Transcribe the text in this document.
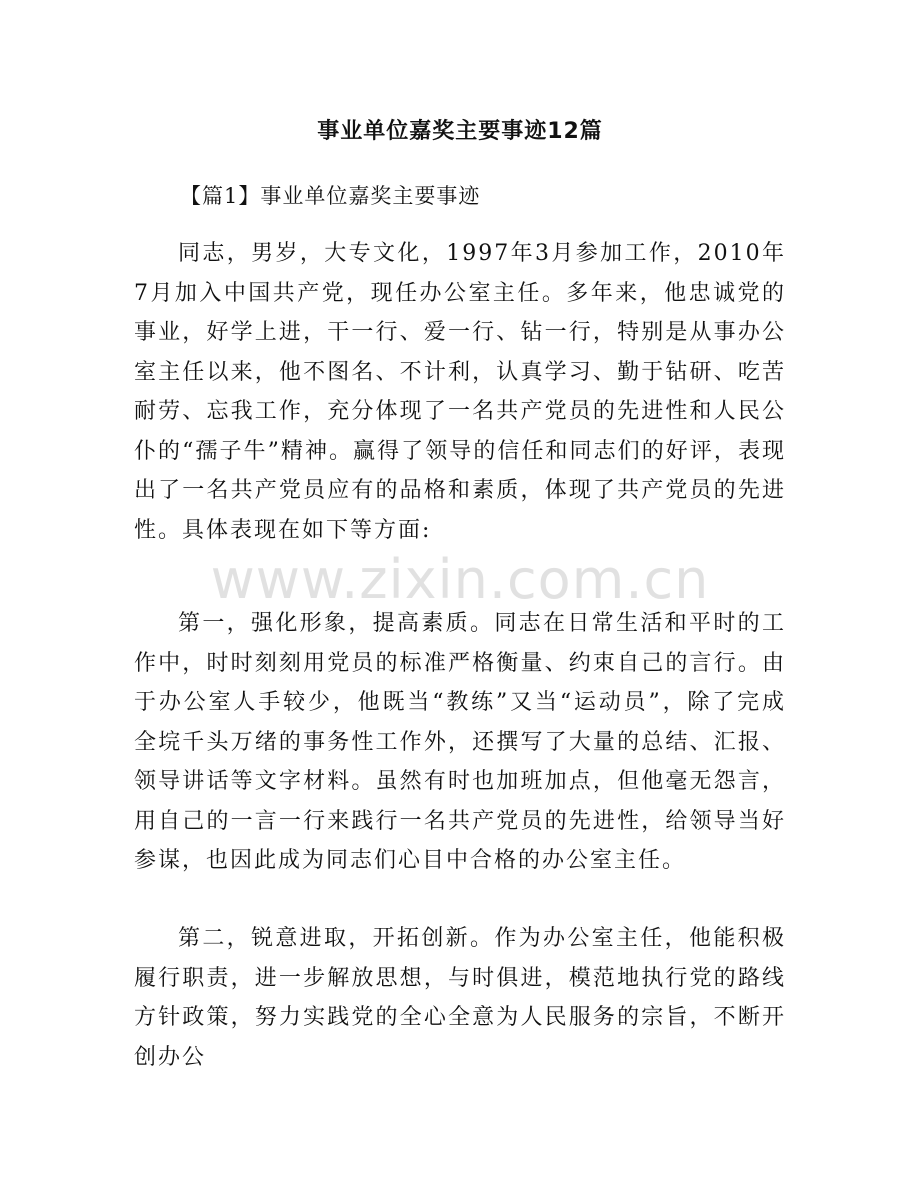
事业单位嘉奖主要事迹12篇

【篇1】事业单位嘉奖主要事迹

同志，男岁，大专文化，1997年3月参加工作，2010年7月加入中国共产党，现任办公室主任。多年来，他忠诚党的事业，好学上进，干一行、爱一行、钻一行，特别是从事办公室主任以来，他不图名、不计利，认真学习、勤于钻研、吃苦耐劳、忘我工作，充分体现了一名共产党员的先进性和人民公仆的“孺子牛”精神。赢得了领导的信任和同志们的好评，表现出了一名共产党员应有的品格和素质，体现了共产党员的先进性。具体表现在如下等方面:

第一，强化形象，提高素质。同志在日常生活和平时的工作中，时时刻刻用党员的标准严格衡量、约束自己的言行。由于办公室人手较少，他既当“教练”又当“运动员”，除了完成全垸千头万绪的事务性工作外，还撰写了大量的总结、汇报、领导讲话等文字材料。虽然有时也加班加点，但他毫无怨言，用自己的一言一行来践行一名共产党员的先进性，给领导当好参谋，也因此成为同志们心目中合格的办公室主任。

第二，锐意进取，开拓创新。作为办公室主任，他能积极履行职责，进一步解放思想，与时俱进，模范地执行党的路线方针政策，努力实践党的全心全意为人民服务的宗旨，不断开创办公

www.zixin.com.cn
